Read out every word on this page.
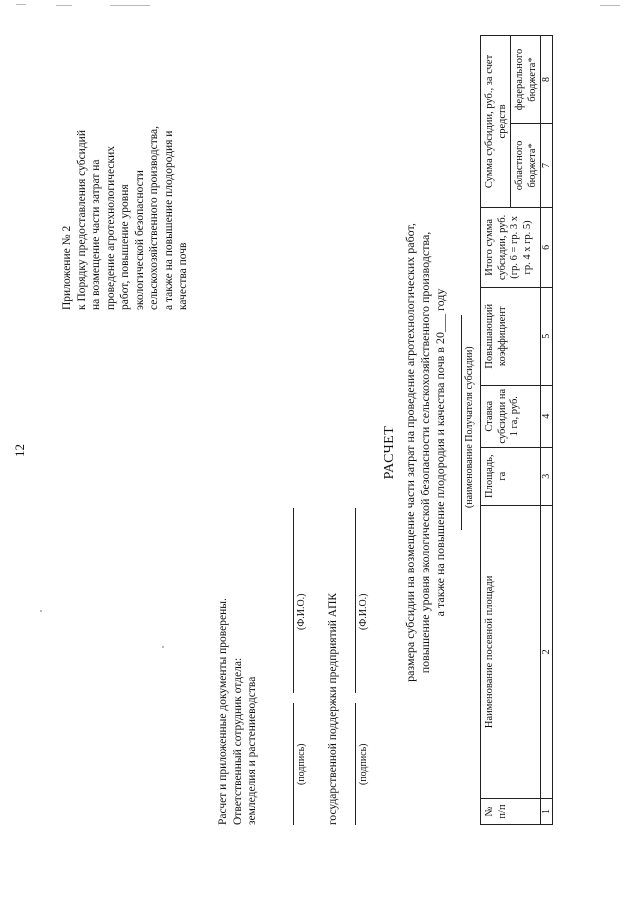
12
Приложение № 2 к Порядку предоставления субсидий на возмещение части затрат на проведение агротехнологических работ, повышение уровня экологической безопасности сельскохозяйственного производства, а также на повышение плодородия и качества почв
Расчет и приложенные документы проверены. Ответственный сотрудник отдела: земледелия и растениеводства	(подпись)
(Ф.И.О.) государственной поддержки предприятий АПК (подпись)
(Ф.И.О.)
РАСЧЕТ размера субсидии на возмещение части затрат на проведение агротехнологических работ, повышение уровня экологической безопасности сельскохозяйственного производства, а также на повышение плодородия и качества почв в 20___ году (наименование Получателя субсидии)
№ п/п	Наименование посевной площади	Площадь, га	Ставка субсидии на 1 га, руб.	Повышающий коэффициент	Итого сумма субсидии, руб. (гр. 6 = гр. 3 х гр. 4 х гр. 5)	Сумма субсидии, руб., за счет средств	
						областного бюджета*	федерального бюджета*
1	2	3	4	5	6	7	8
